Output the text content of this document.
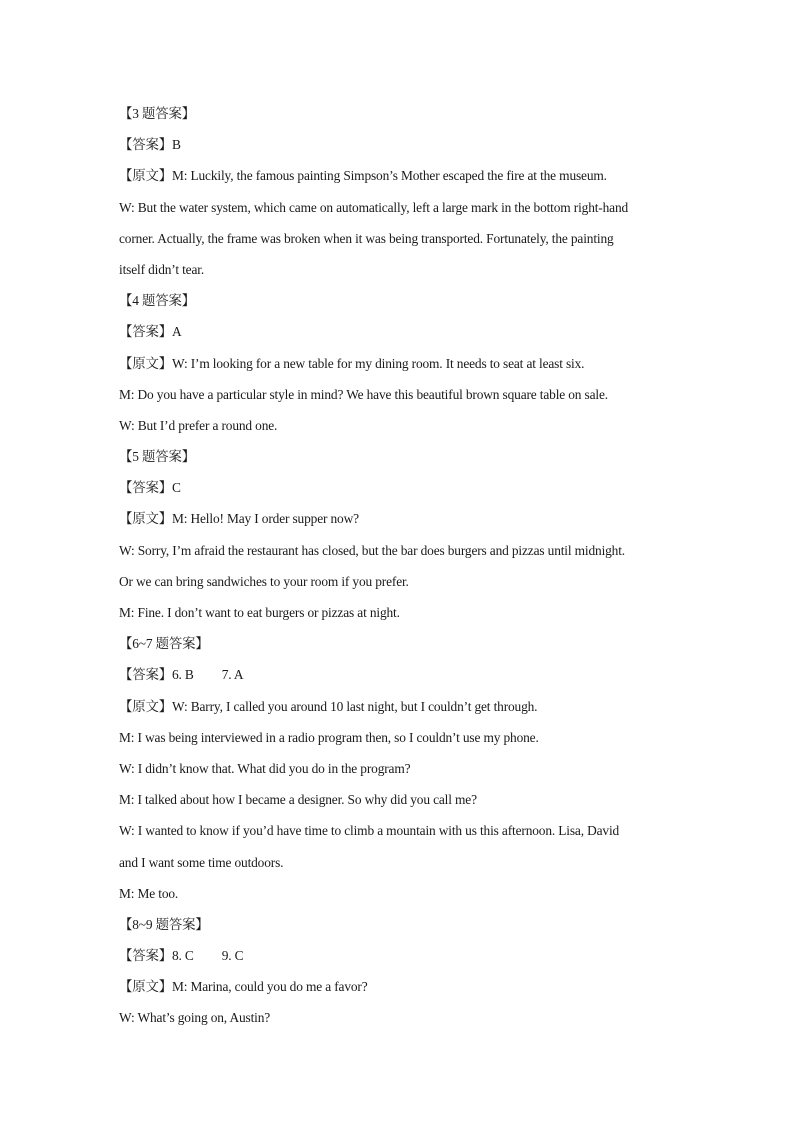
【3 题答案】
【答案】B
【原文】M: Luckily, the famous painting Simpson’s Mother escaped the fire at the museum.
W: But the water system, which came on automatically, left a large mark in the bottom right-hand
corner. Actually, the frame was broken when it was being transported. Fortunately, the painting
itself didn’t tear.
【4 题答案】
【答案】A
【原文】W: I’m looking for a new table for my dining room. It needs to seat at least six.
M: Do you have a particular style in mind? We have this beautiful brown square table on sale.
W: But I’d prefer a round one.
【5 题答案】
【答案】C
【原文】M: Hello! May I order supper now?
W: Sorry, I’m afraid the restaurant has closed, but the bar does burgers and pizzas until midnight.
Or we can bring sandwiches to your room if you prefer.
M: Fine. I don’t want to eat burgers or pizzas at night.
【6~7 题答案】
【答案】6. B 7. A
【原文】W: Barry, I called you around 10 last night, but I couldn’t get through.
M: I was being interviewed in a radio program then, so I couldn’t use my phone.
W: I didn’t know that. What did you do in the program?
M: I talked about how I became a designer. So why did you call me?
W: I wanted to know if you’d have time to climb a mountain with us this afternoon. Lisa, David
and I want some time outdoors.
M: Me too.
【8~9 题答案】
【答案】8. C 9. C
【原文】M: Marina, could you do me a favor?
W: What’s going on, Austin?
